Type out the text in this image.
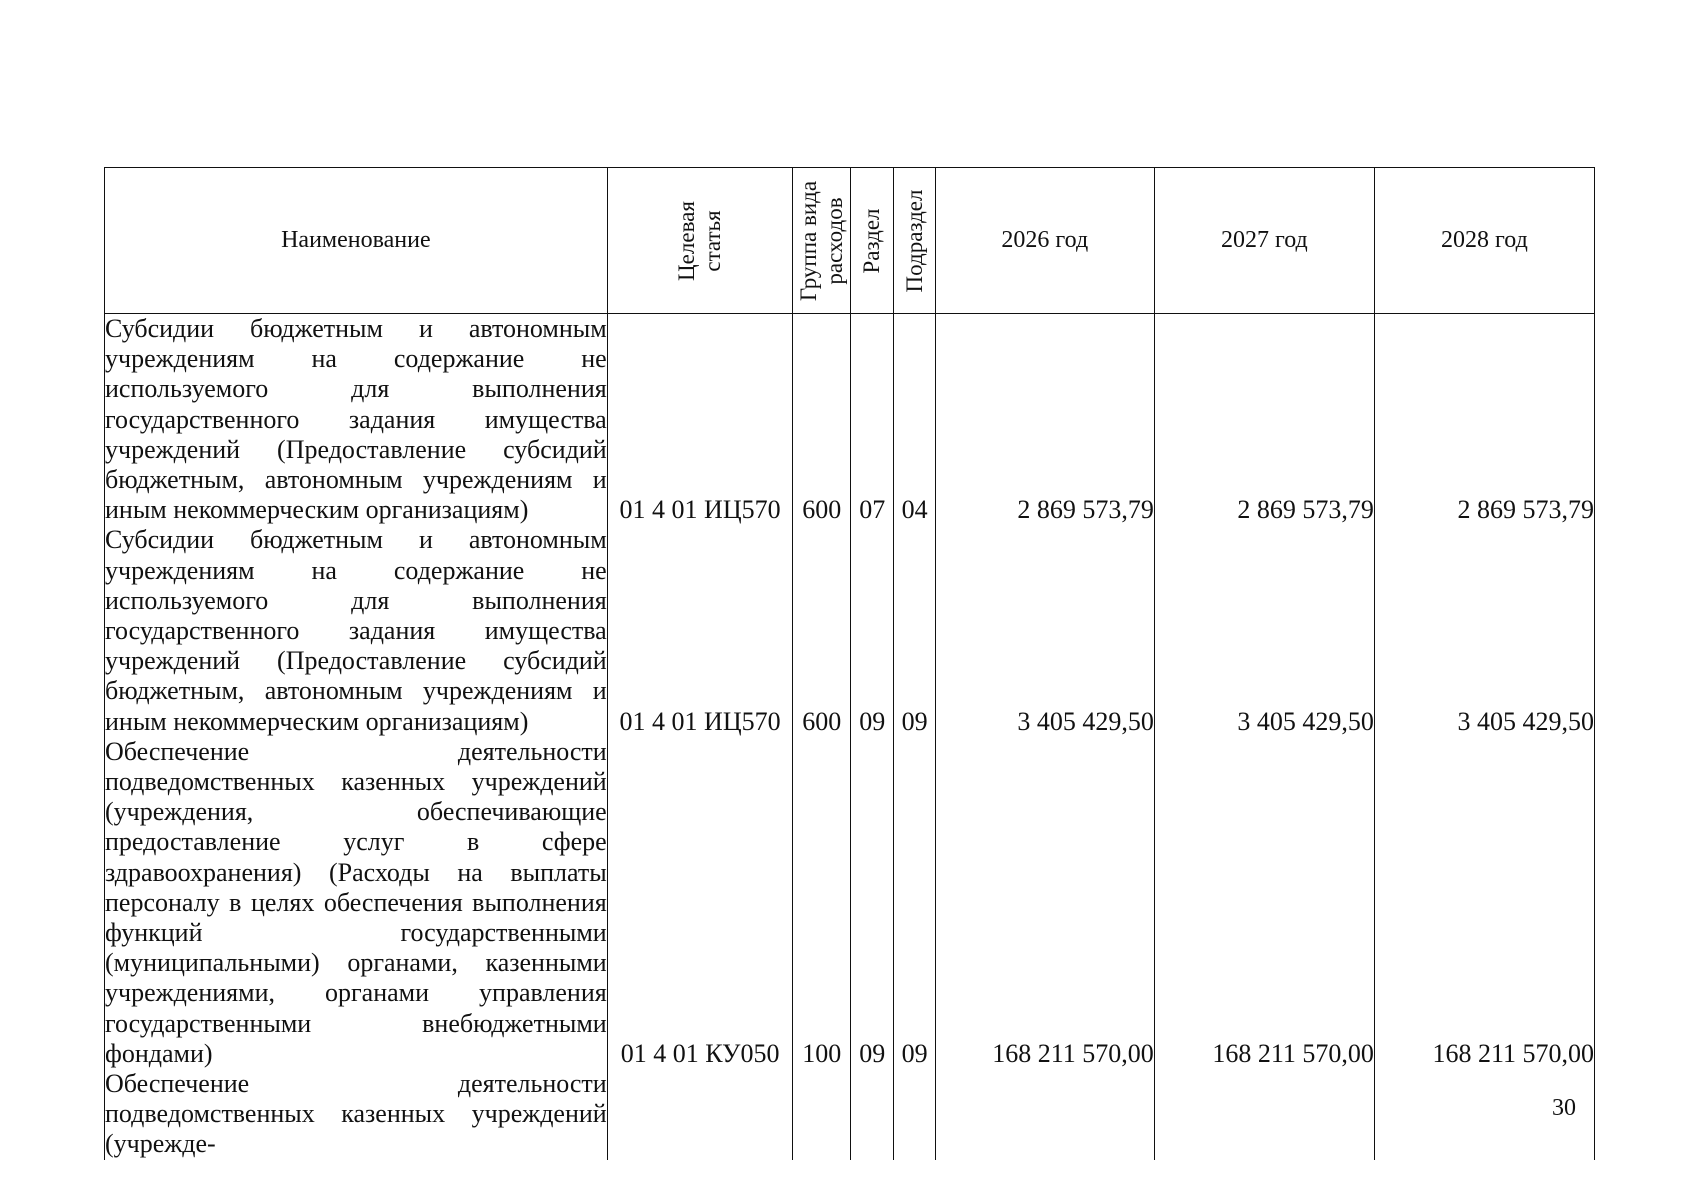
Наименование	Целевая статья	Группа вида расходов	Раздел	Подраздел	2026 год	2027 год	2028 год
Субсидии бюджетным и автономным учреждениям на содержание не используемого для выполнения государственного задания имущества учреждений (Предоставление субсидий бюджетным, автономным учреждениям и иным некоммерческим организациям)	01 4 01 ИЦ570	600	07	04	2 869 573,79	2 869 573,79	2 869 573,79
Субсидии бюджетным и автономным учреждениям на содержание не используемого для выполнения государственного задания имущества учреждений (Предоставление субсидий бюджетным, автономным учреждениям и иным некоммерческим организациям)	01 4 01 ИЦ570	600	09	09	3 405 429,50	3 405 429,50	3 405 429,50
Обеспечение деятельности подведомственных казенных учреждений (учреждения, обеспечивающие предоставление услуг в сфере здравоохранения) (Расходы на выплаты персоналу в целях обеспечения выполнения функций государственными (муниципальными) органами, казенными учреждениями, органами управления государственными внебюджетными фондами)	01 4 01 КУ050	100	09	09	168 211 570,00	168 211 570,00	168 211 570,00
Обеспечение деятельности подведомственных казенных учреждений (учрежде-							
30
